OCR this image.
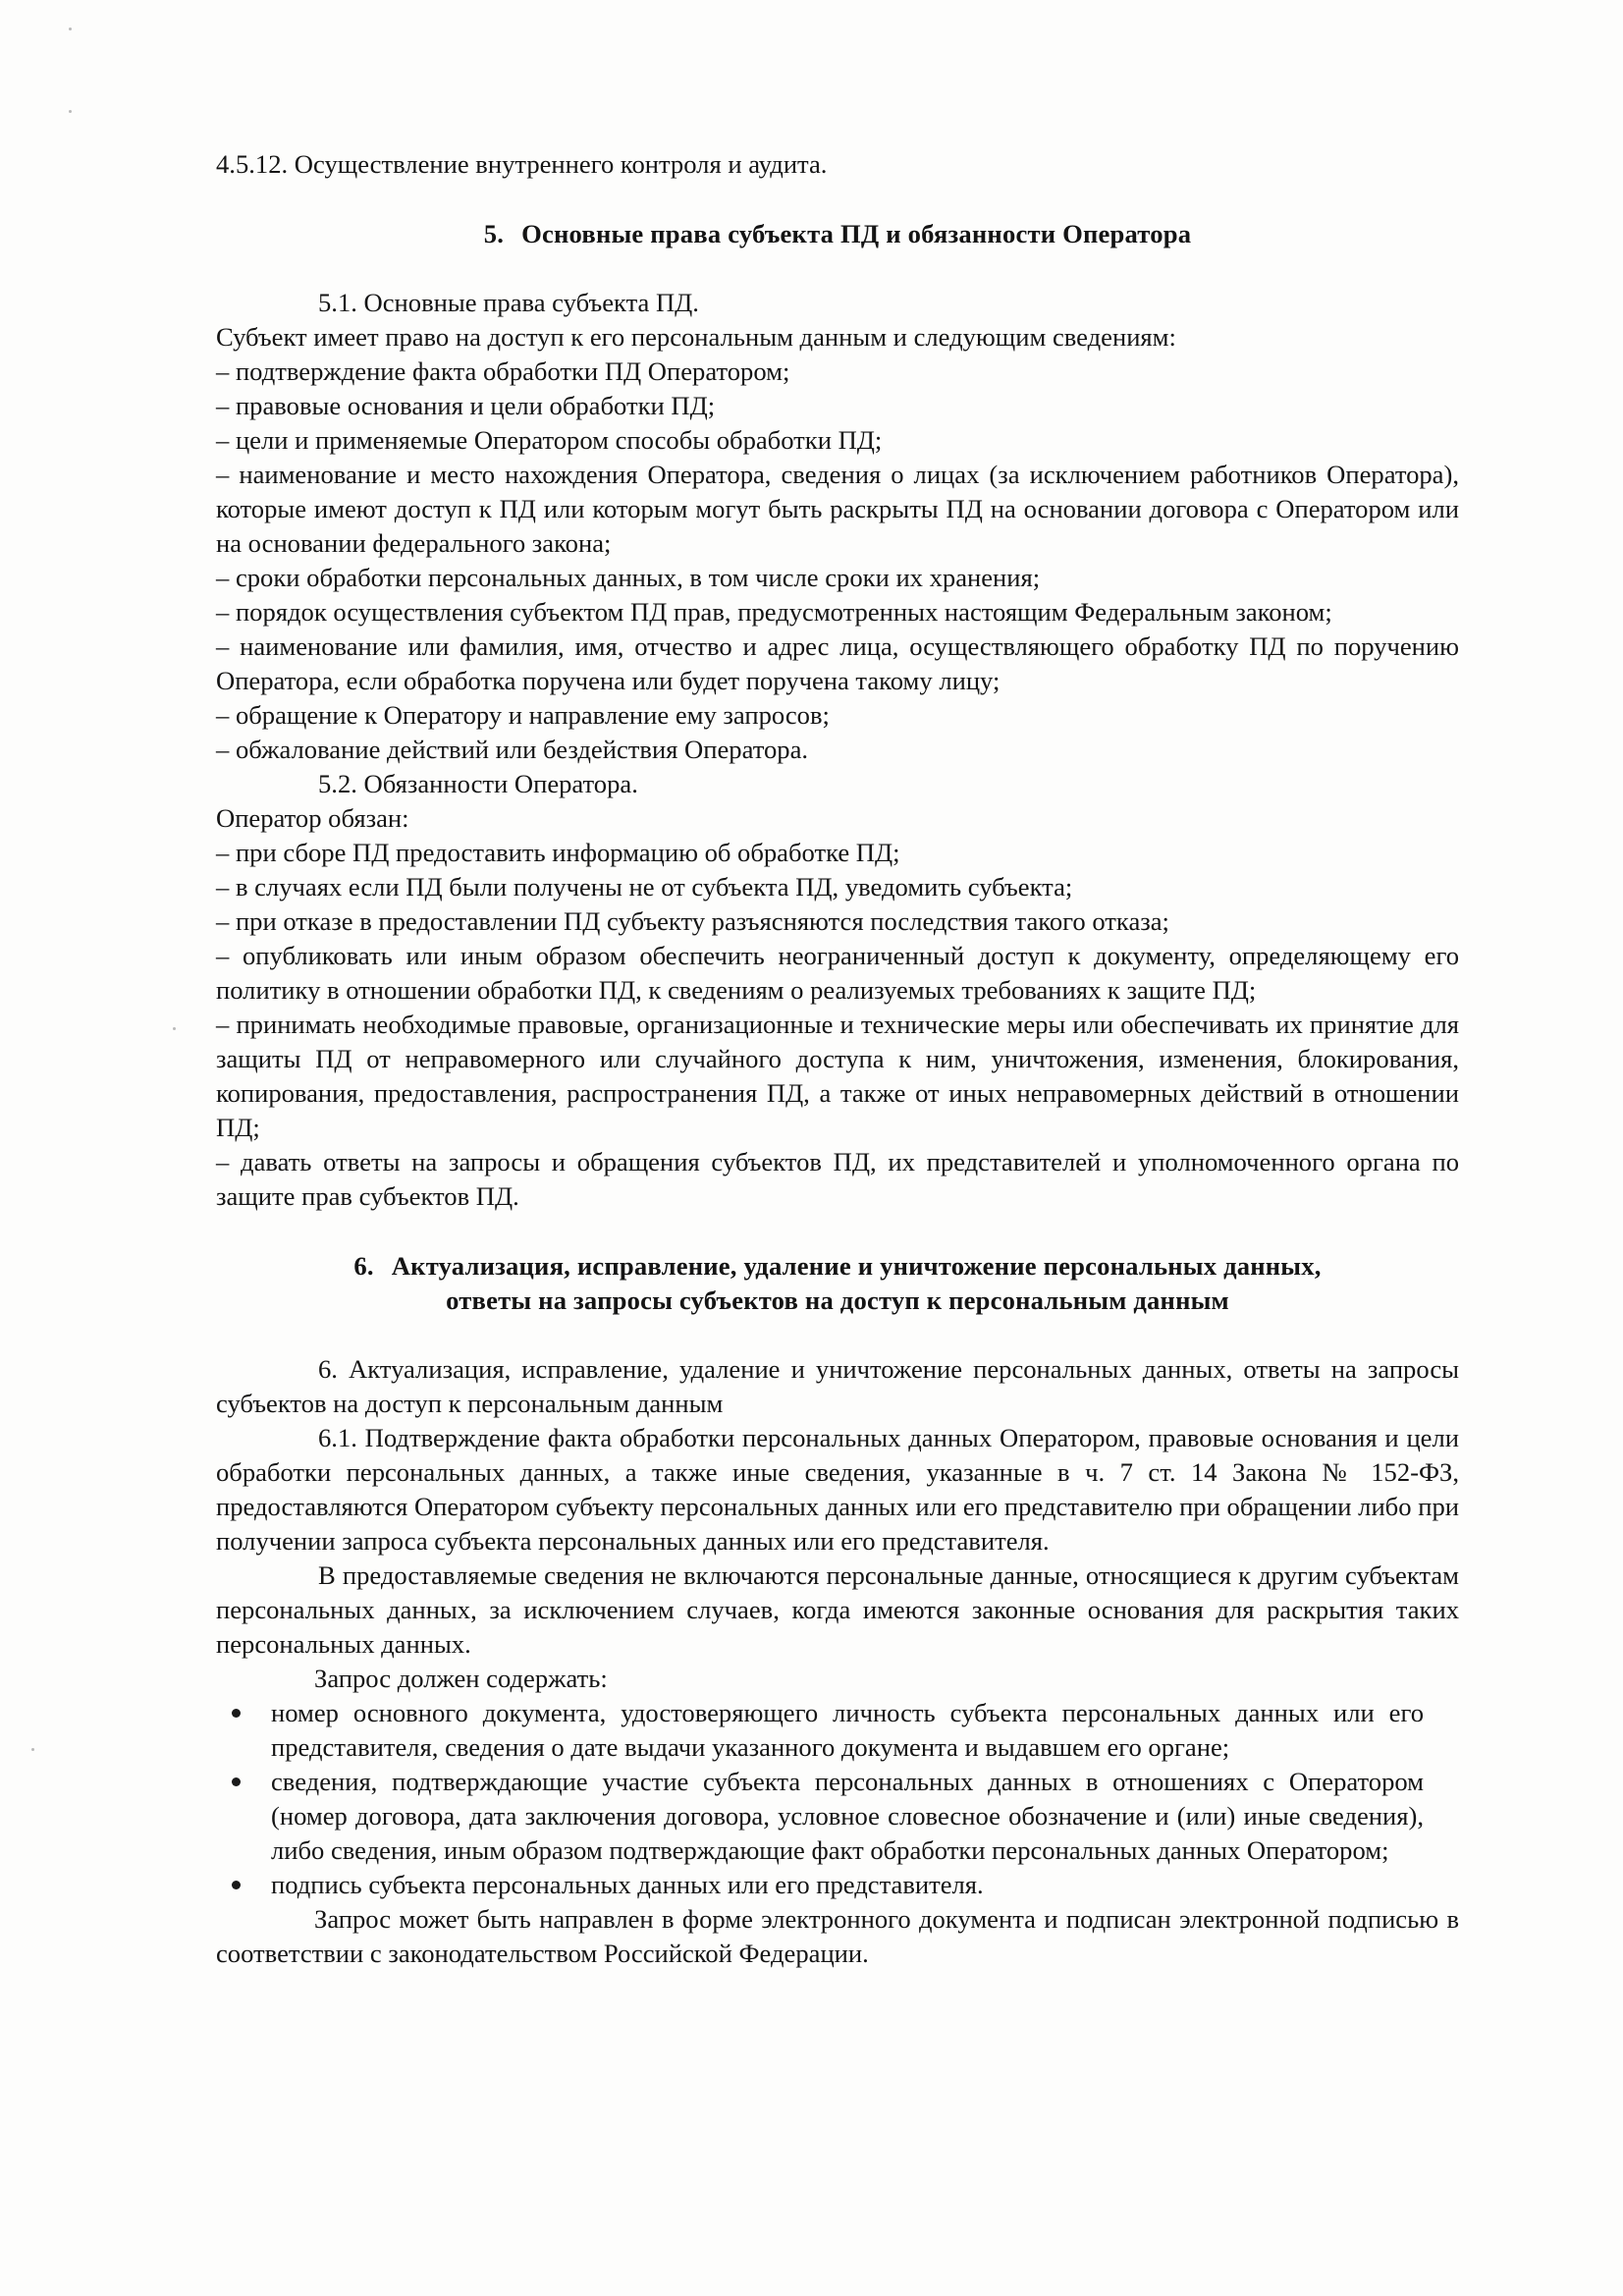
4.5.12. Осуществление внутреннего контроля и аудита.

5. Основные права субъекта ПД и обязанности Оператора

5.1. Основные права субъекта ПД.

Субъект имеет право на доступ к его персональным данным и следующим сведениям:

– подтверждение факта обработки ПД Оператором;

– правовые основания и цели обработки ПД;

– цели и применяемые Оператором способы обработки ПД;

– наименование и место нахождения Оператора, сведения о лицах (за исключением работников Оператора), которые имеют доступ к ПД или которым могут быть раскрыты ПД на основании договора с Оператором или на основании федерального закона;

– сроки обработки персональных данных, в том числе сроки их хранения;

– порядок осуществления субъектом ПД прав, предусмотренных настоящим Федеральным законом;

– наименование или фамилия, имя, отчество и адрес лица, осуществляющего обработку ПД по поручению Оператора, если обработка поручена или будет поручена такому лицу;

– обращение к Оператору и направление ему запросов;

– обжалование действий или бездействия Оператора.

5.2. Обязанности Оператора.

Оператор обязан:

– при сборе ПД предоставить информацию об обработке ПД;

– в случаях если ПД были получены не от субъекта ПД, уведомить субъекта;

– при отказе в предоставлении ПД субъекту разъясняются последствия такого отказа;

– опубликовать или иным образом обеспечить неограниченный доступ к документу, определяющему его политику в отношении обработки ПД, к сведениям о реализуемых требованиях к защите ПД;

– принимать необходимые правовые, организационные и технические меры или обеспечивать их принятие для защиты ПД от неправомерного или случайного доступа к ним, уничтожения, изменения, блокирования, копирования, предоставления, распространения ПД, а также от иных неправомерных действий в отношении ПД;

– давать ответы на запросы и обращения субъектов ПД, их представителей и уполномоченного органа по защите прав субъектов ПД.

6. Актуализация, исправление, удаление и уничтожение персональных данных,
ответы на запросы субъектов на доступ к персональным данным

6. Актуализация, исправление, удаление и уничтожение персональных данных, ответы на запросы субъектов на доступ к персональным данным

6.1. Подтверждение факта обработки персональных данных Оператором, правовые основания и цели обработки персональных данных, а также иные сведения, указанные в ч. 7 ст. 14 Закона № 152-ФЗ, предоставляются Оператором субъекту персональных данных или его представителю при обращении либо при получении запроса субъекта персональных данных или его представителя.

В предоставляемые сведения не включаются персональные данные, относящиеся к другим субъектам персональных данных, за исключением случаев, когда имеются законные основания для раскрытия таких персональных данных.

Запрос должен содержать:

номер основного документа, удостоверяющего личность субъекта персональных данных или его представителя, сведения о дате выдачи указанного документа и выдавшем его органе;
сведения, подтверждающие участие субъекта персональных данных в отношениях с Оператором (номер договора, дата заключения договора, условное словесное обозначение и (или) иные сведения), либо сведения, иным образом подтверждающие факт обработки персональных данных Оператором;
подпись субъекта персональных данных или его представителя.

Запрос может быть направлен в форме электронного документа и подписан электронной подписью в соответствии с законодательством Российской Федерации.
